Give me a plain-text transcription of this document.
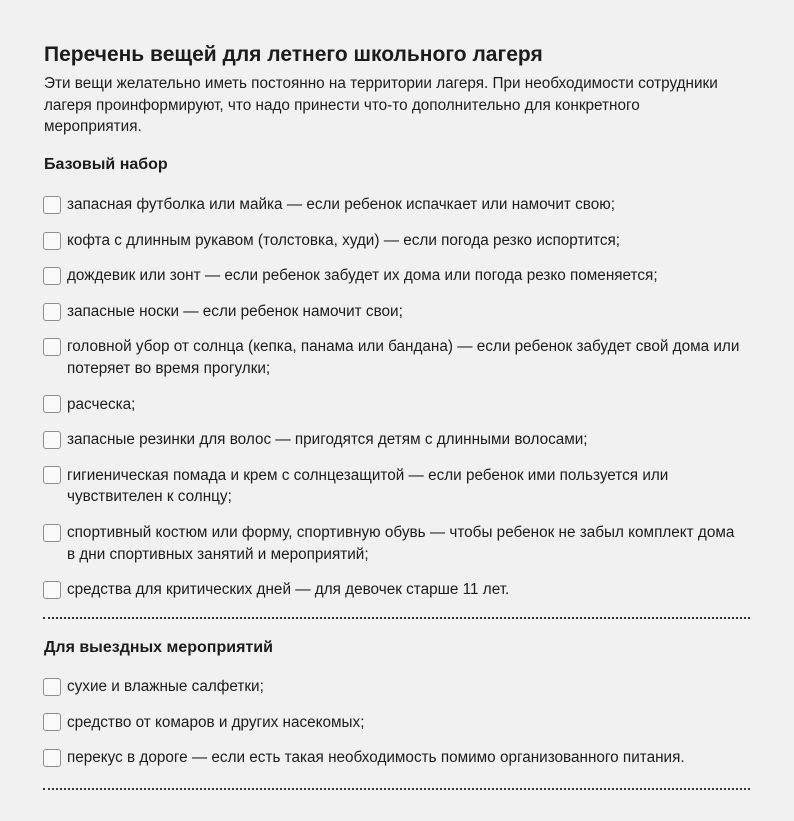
Перечень вещей для летнего школьного лагеря

Эти вещи желательно иметь постоянно на территории лагеря. При необходимости сотрудники
лагеря проинформируют, что надо принести что-то дополнительно для конкретного
мероприятия.

Базовый набор
запасная футболка или майка — если ребенок испачкает или намочит свою;
кофта с длинным рукавом (толстовка, худи) — если погода резко испортится;
дождевик или зонт — если ребенок забудет их дома или погода резко поменяется;
запасные носки — если ребенок намочит свои;
головной убор от солнца (кепка, панама или бандана) — если ребенок забудет свой дома или
потеряет во время прогулки;
расческа;
запасные резинки для волос — пригодятся детям с длинными волосами;
гигиеническая помада и крем с солнцезащитой — если ребенок ими пользуется или
чувствителен к солнцу;
спортивный костюм или форму, спортивную обувь — чтобы ребенок не забыл комплект дома
в дни спортивных занятий и мероприятий;
средства для критических дней — для девочек старше 11 лет.
Для выездных мероприятий
сухие и влажные салфетки;
средство от комаров и других насекомых;
перекус в дороге — если есть такая необходимость помимо организованного питания.
